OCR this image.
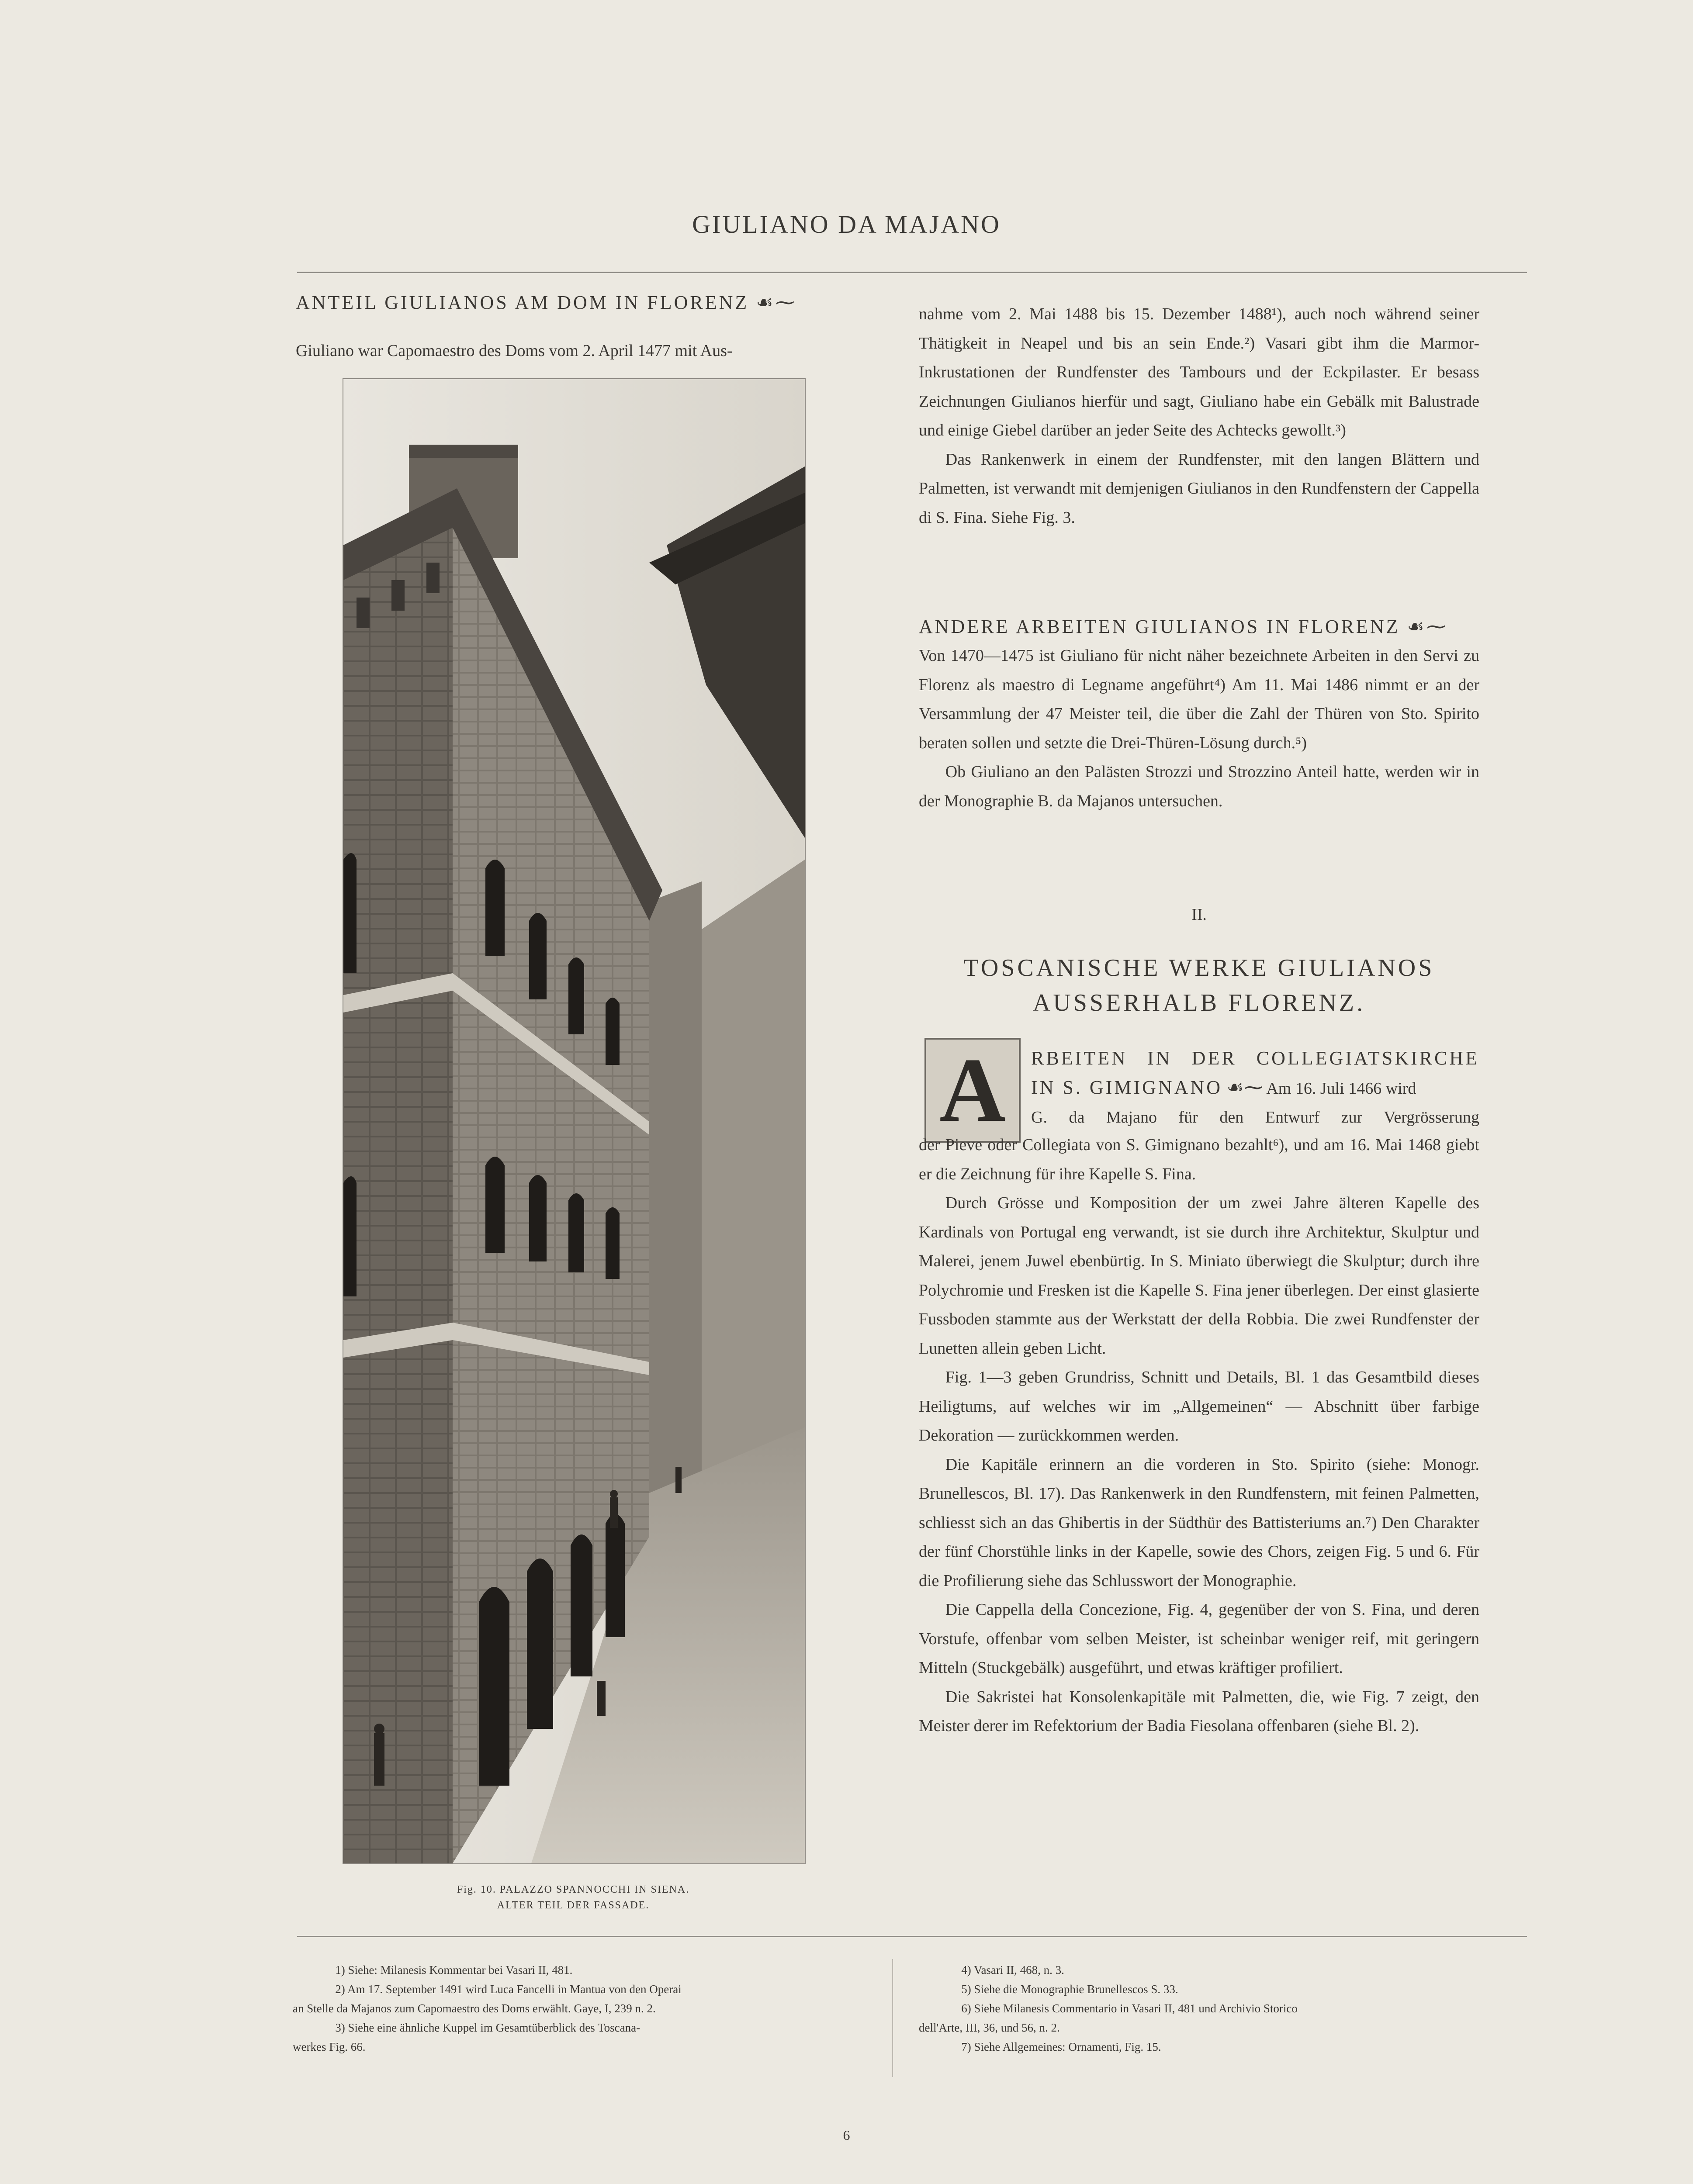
GIULIANO DA MAJANO
ANTEIL GIULIANOS AM DOM IN FLORENZ ☙⁓

Giuliano war Capomaestro des Doms vom 2. April 1477 mit Aus-

Fig. 10. PALAZZO SPANNOCCHI IN SIENA.
ALTER TEIL DER FASSADE.

nahme vom 2. Mai 1488 bis 15. Dezember 1488¹), auch noch während seiner Thätigkeit in Neapel und bis an sein Ende.²) Vasari gibt ihm die Marmor-Inkrustationen der Rundfenster des Tambours und der Eckpilaster. Er besass Zeichnungen Giulianos hierfür und sagt, Giuliano habe ein Gebälk mit Balustrade und einige Giebel darüber an jeder Seite des Achtecks gewollt.³)

Das Rankenwerk in einem der Rundfenster, mit den langen Blättern und Palmetten, ist verwandt mit demjenigen Giulianos in den Rundfenstern der Cappella di S. Fina. Siehe Fig. 3.

ANDERE ARBEITEN GIULIANOS IN FLORENZ ☙⁓

Von 1470—1475 ist Giuliano für nicht näher bezeichnete Arbeiten in den Servi zu Florenz als maestro di Legname angeführt⁴) Am 11. Mai 1486 nimmt er an der Versammlung der 47 Meister teil, die über die Zahl der Thüren von Sto. Spirito beraten sollen und setzte die Drei-Thüren-Lösung durch.⁵)

Ob Giuliano an den Palästen Strozzi und Strozzino Anteil hatte, werden wir in der Monographie B. da Majanos untersuchen.

II.
TOSCANISCHE WERKE GIULIANOS
AUSSERHALB FLORENZ.
A	RBEITEN IN DER COLLEGIATSKIRCHE
IN S. GIMIGNANO ☙⁓ Am 16. Juli 1466 wird
G. da Majano für den Entwurf zur Vergrösserung

der Pieve oder Collegiata von S. Gimignano bezahlt⁶), und am 16. Mai 1468 giebt er die Zeichnung für ihre Kapelle S. Fina.

Durch Grösse und Komposition der um zwei Jahre älteren Kapelle des Kardinals von Portugal eng verwandt, ist sie durch ihre Architektur, Skulptur und Malerei, jenem Juwel ebenbürtig. In S. Miniato überwiegt die Skulptur; durch ihre Polychromie und Fresken ist die Kapelle S. Fina jener überlegen. Der einst glasierte Fussboden stammte aus der Werkstatt der della Robbia. Die zwei Rundfenster der Lunetten allein geben Licht.

Fig. 1—3 geben Grundriss, Schnitt und Details, Bl. 1 das Gesamtbild dieses Heiligtums, auf welches wir im „Allgemeinen“ — Abschnitt über farbige Dekoration — zurückkommen werden.

Die Kapitäle erinnern an die vorderen in Sto. Spirito (siehe: Monogr. Brunellescos, Bl. 17). Das Rankenwerk in den Rundfenstern, mit feinen Palmetten, schliesst sich an das Ghibertis in der Südthür des Battisteriums an.⁷) Den Charakter der fünf Chorstühle links in der Kapelle, sowie des Chors, zeigen Fig. 5 und 6. Für die Profilierung siehe das Schlusswort der Monographie.

Die Cappella della Concezione, Fig. 4, gegenüber der von S. Fina, und deren Vorstufe, offenbar vom selben Meister, ist scheinbar weniger reif, mit geringern Mitteln (Stuckgebälk) ausgeführt, und etwas kräftiger profiliert.

Die Sakristei hat Konsolenkapitäle mit Palmetten, die, wie Fig. 7 zeigt, den Meister derer im Refektorium der Badia Fiesolana offenbaren (siehe Bl. 2).

1) Siehe: Milanesis Kommentar bei Vasari II, 481.
2) Am 17. September 1491 wird Luca Fancelli in Mantua von den Operai
an Stelle da Majanos zum Capomaestro des Doms erwählt. Gaye, I, 239 n. 2.
3) Siehe eine ähnliche Kuppel im Gesamtüberblick des Toscana-
werkes Fig. 66.
4) Vasari II, 468, n. 3.
5) Siehe die Monographie Brunellescos S. 33.
6) Siehe Milanesis Commentario in Vasari II, 481 und Archivio Storico
dell'Arte, III, 36, und 56, n. 2.
7) Siehe Allgemeines: Ornamenti, Fig. 15.
6
